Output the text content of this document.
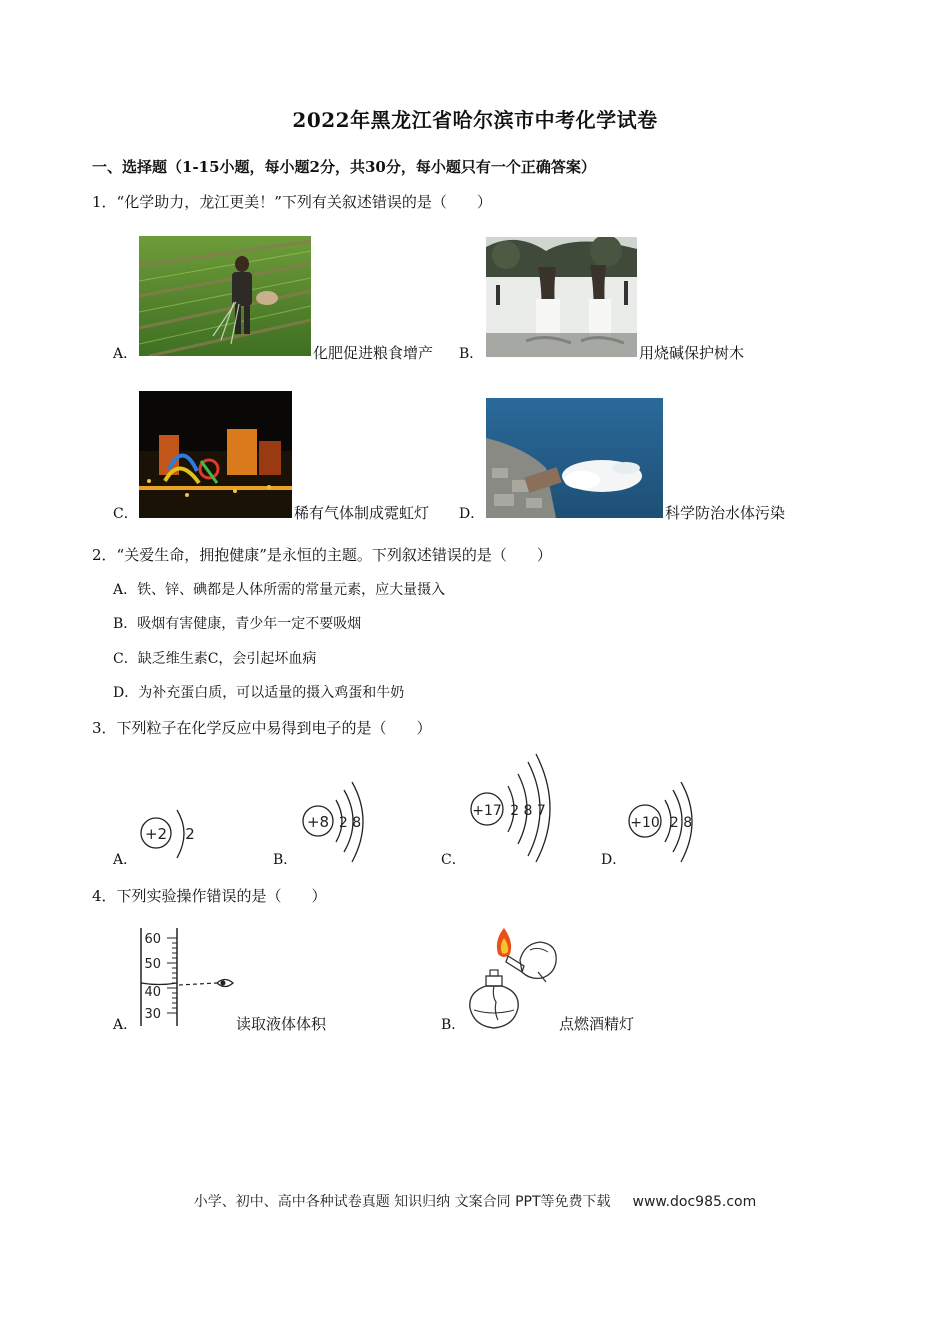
2022年黑龙江省哈尔滨市中考化学试卷
一、选择题（1-15小题，每小题2分，共30分，每小题只有一个正确答案）
1．“化学助力，龙江更美！”下列有关叙述错误的是（　　）
A．	化肥促进粮食增产 B．	用烧碱保护树木
C．	稀有气体制成霓虹灯 D．	科学防治水体污染
2．“关爱生命，拥抱健康”是永恒的主题。下列叙述错误的是（　　）
A．铁、锌、碘都是人体所需的常量元素，应大量摄入
B．吸烟有害健康，青少年一定不要吸烟
C．缺乏维生素C，会引起坏血病
D．为补充蛋白质，可以适量的摄入鸡蛋和牛奶
3．下列粒子在化学反应中易得到电子的是（　　）
A．
+2 2
B．
+8 2 8
C．
+17 2 8 7
D．
+10 2 8
4．下列实验操作错误的是（　　）
A．
60
50
40
30
读取液体体积	B．	点燃酒精灯
小学、初中、高中各种试卷真题 知识归纳 文案合同 PPT等免费下载 www.doc985.com
